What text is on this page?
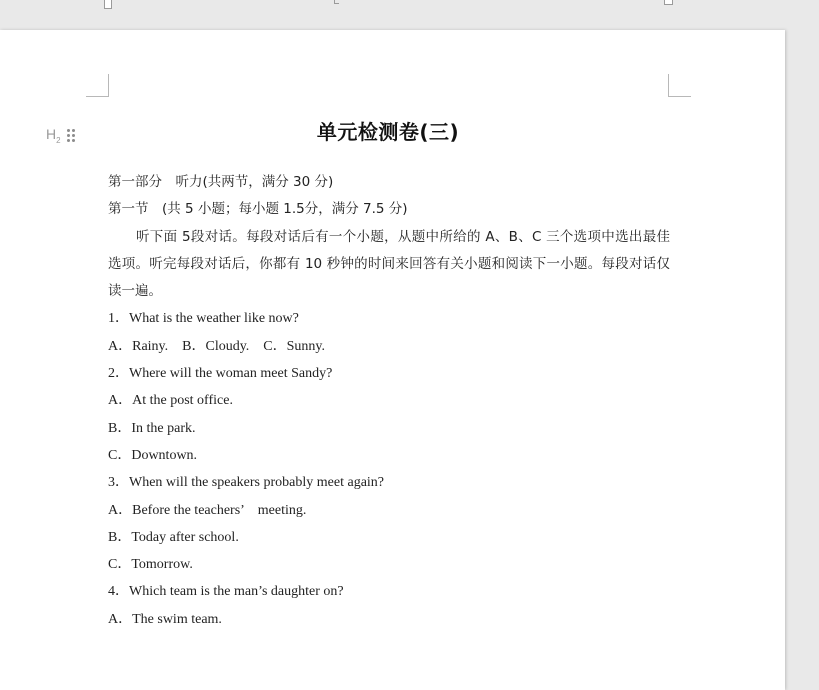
$H_2$	单元检测卷(三)

第一部分　听力(共两节，满分 30 分)

第一节　(共 5 小题；每小题 1.5分，满分 7.5 分)

听下面 5段对话。每段对话后有一个小题，从题中所给的 A、B、C 三个选项中选出最佳选项。听完每段对话后，你都有 10 秒钟的时间来回答有关小题和阅读下一小题。每段对话仅读一遍。

1．What is the weather like now?

A．Rainy.　B．Cloudy.　C．Sunny.

2．Where will the woman meet Sandy?

A．At the post office.

B．In the park.

C．Downtown.

3．When will the speakers probably meet again?

A．Before the teachers’　meeting.

B．Today after school.

C．Tomorrow.

4．Which team is the man’s daughter on?

A．The swim team.
